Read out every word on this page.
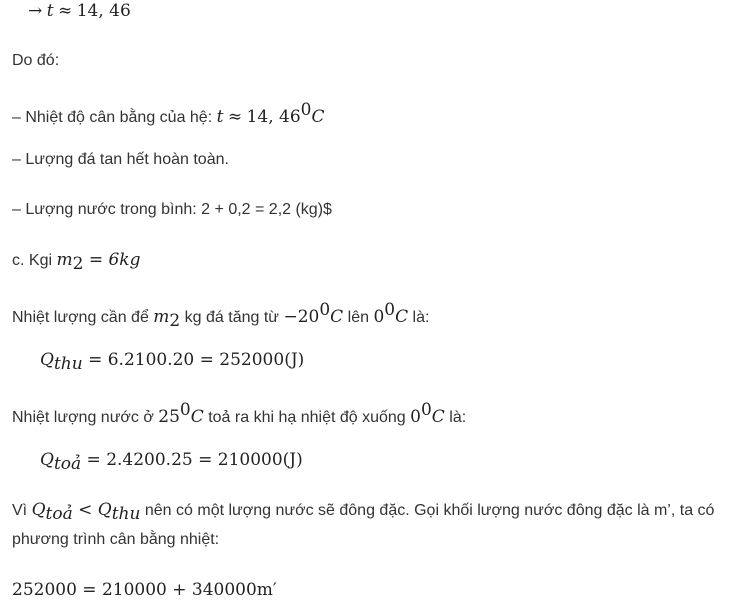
→ t ≈ 14, 46
Do đó:
– Nhiệt độ cân bằng của hệ: t ≈ 14, $46^0C$
– Lượng đá tan hết hoàn toàn.
– Lượng nước trong bình: 2 + 0,2 = 2,2 (kg)$
c. Kgi $m_2 = 6kg$
Nhiệt lượng cần để $m_2$ kg đá tăng từ $-20^0C$ lên $0^0C$ là:
$Q_{thu} = 6.2100.20 = 252000(J)$
Nhiệt lượng nước ở $25^0C$ toả ra khi hạ nhiệt độ xuống $0^0C$ là:
$Q_{toả} = 2.4200.25 = 210000(J)$
Vì $Q_{toả} < Q_{thu}$ nên có một lượng nước sẽ đông đặc. Gọi khối lượng nước đông đặc là m’, ta có
phương trình cân bằng nhiệt:
252000 = 210000 + 340000m′
